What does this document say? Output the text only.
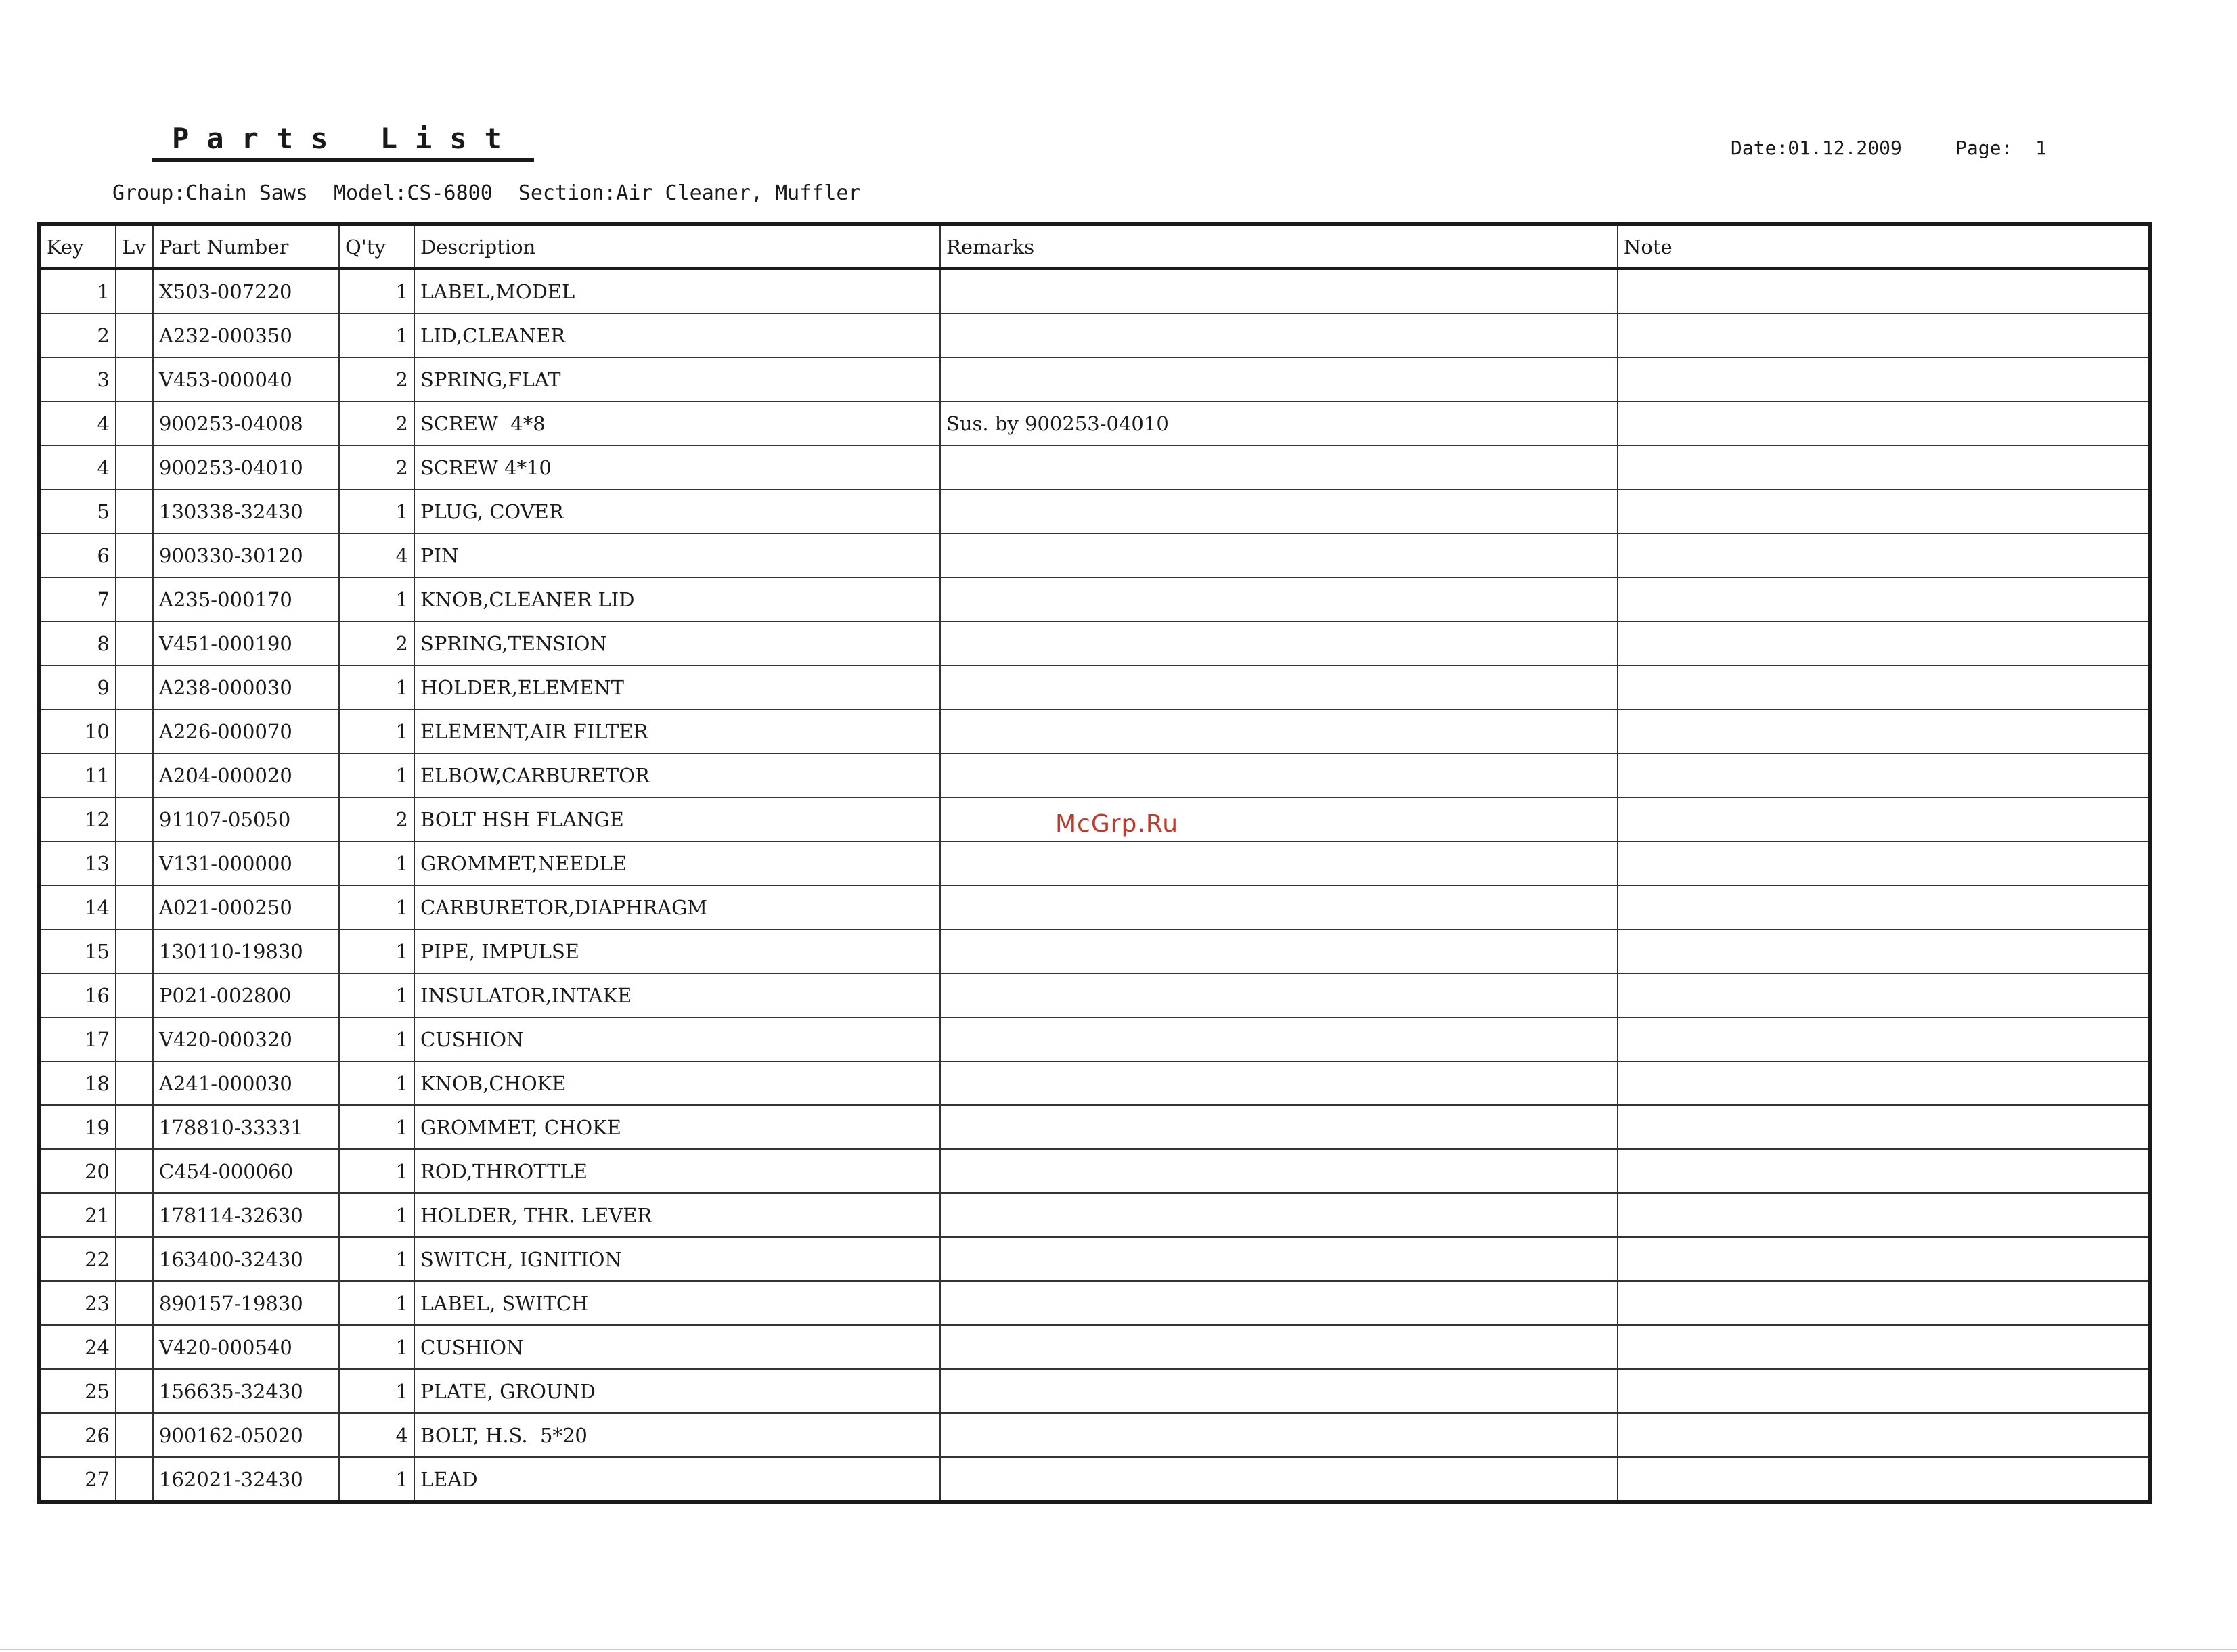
Parts List	Date:01.12.2009	Page:  1
Group:Chain Saws Model:CS-6800 Section:Air Cleaner, Muffler
Key	Lv	Part Number	Q'ty	Description	Remarks	Note
1		X503-007220	1	LABEL,MODEL		
2		A232-000350	1	LID,CLEANER		
3		V453-000040	2	SPRING,FLAT		
4		900253-04008	2	SCREW  4*8	Sus. by 900253-04010	
4		900253-04010	2	SCREW 4*10		
5		130338-32430	1	PLUG, COVER		
6		900330-30120	4	PIN		
7		A235-000170	1	KNOB,CLEANER LID		
8		V451-000190	2	SPRING,TENSION		
9		A238-000030	1	HOLDER,ELEMENT		
10		A226-000070	1	ELEMENT,AIR FILTER		
11		A204-000020	1	ELBOW,CARBURETOR		
12		91107-05050	2	BOLT HSH FLANGE		
13		V131-000000	1	GROMMET,NEEDLE		
14		A021-000250	1	CARBURETOR,DIAPHRAGM		
15		130110-19830	1	PIPE, IMPULSE		
16		P021-002800	1	INSULATOR,INTAKE		
17		V420-000320	1	CUSHION		
18		A241-000030	1	KNOB,CHOKE		
19		178810-33331	1	GROMMET, CHOKE		
20		C454-000060	1	ROD,THROTTLE		
21		178114-32630	1	HOLDER, THR. LEVER		
22		163400-32430	1	SWITCH, IGNITION		
23		890157-19830	1	LABEL, SWITCH		
24		V420-000540	1	CUSHION		
25		156635-32430	1	PLATE, GROUND		
26		900162-05020	4	BOLT, H.S.  5*20		
27		162021-32430	1	LEAD		
McGrp.Ru
